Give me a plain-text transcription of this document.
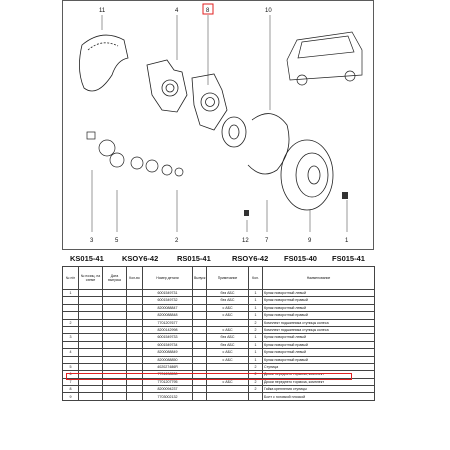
11	4	8	10
3	5	2	12	7	9	1
KS015-41 KSOY6-42 RS015-41	RSOY6-42 FS015-40 FS015-41
№ п/п	№ позиц. на схеме	Дата выпуска	Кол-во	Номер детали	Выпуск	Примечание	Кол.	Наименование
1				6001549731		без АБС	1	Кулак поворотный левый
				6001549732		без АБС	1	Кулак поворотный правый
				8200088847		с АБС	1	Кулак поворотный левый
				8200088848		с АБС	1	Кулак поворотный правый
2				7701207677			2	Комплект подшипника ступицы колеса
				8200142998		с АБС	2	Комплект подшипника ступицы колеса
3				6001549733		без АБС	1	Кулак поворотный левый
				6001549734		без АБС	1	Кулак поворотный правый
4				8200088849		с АБС	1	Кулак поворотный левый
				8200088850		с АБС	1	Кулак поворотный правый
5				402027486R			2	Ступица
6				7701208530			2	Диски переднего тормоза, комплект
7				7701207795		с АБС	2	Диски переднего тормоза, комплект
8				8200094237			2	Гайка крепления ступицы
9				7703002132				Болт с головкой плоской
